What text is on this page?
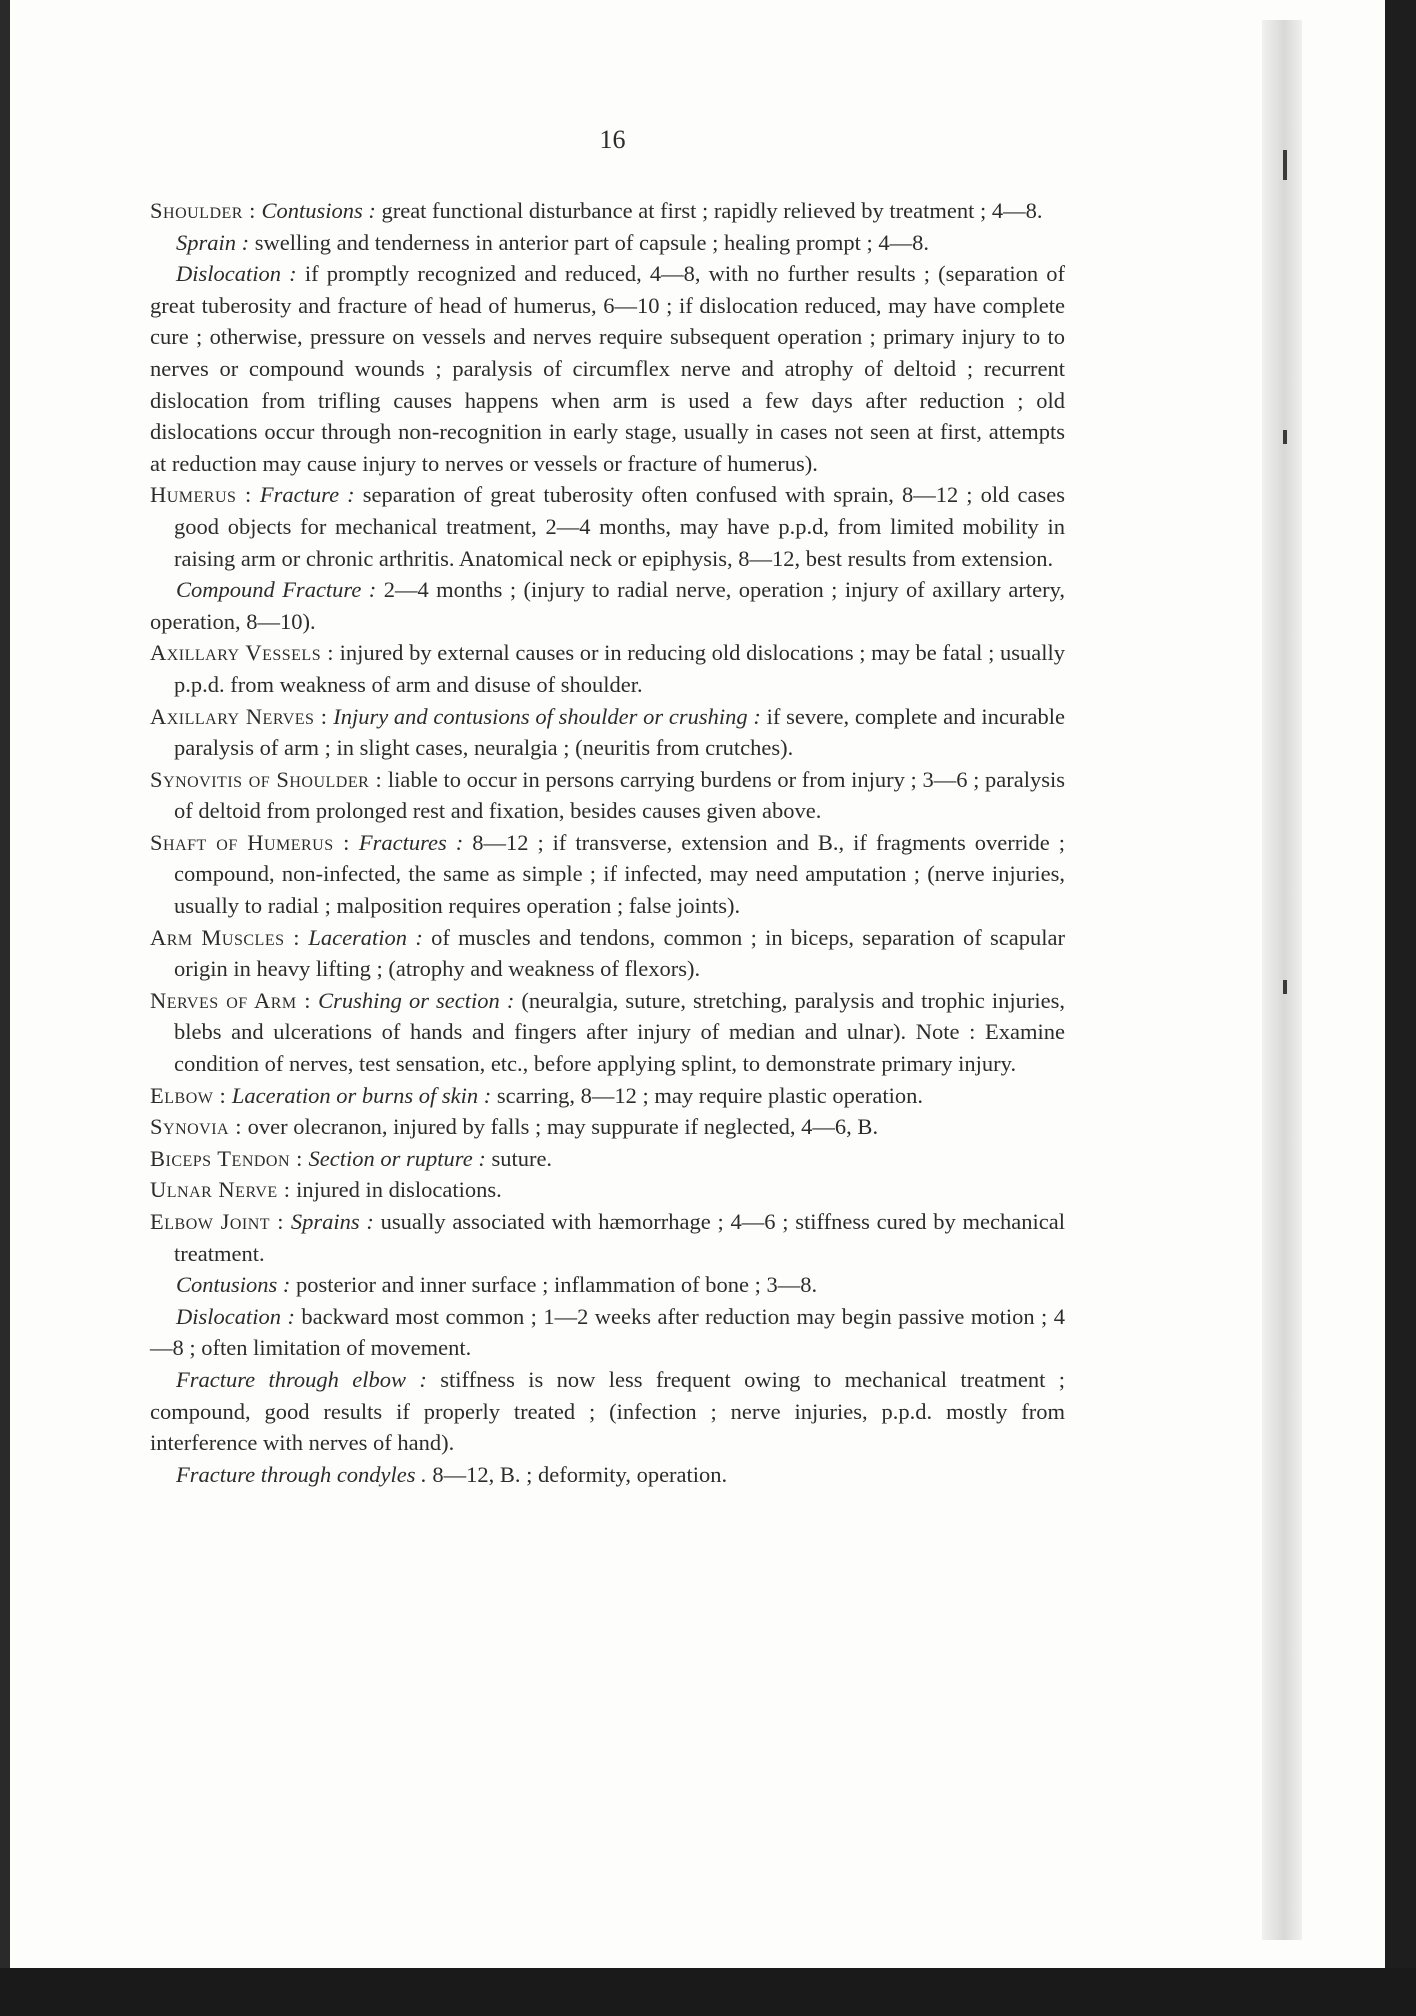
16

Shoulder : Contusions : great functional disturbance at first ; rapidly relieved by treatment ; 4—8.

Sprain : swelling and tenderness in anterior part of capsule ; healing prompt ; 4—8.

Dislocation : if promptly recognized and reduced, 4—8, with no further results ; (separation of great tuberosity and fracture of head of humerus, 6—10 ; if dislocation reduced, may have complete cure ; otherwise, pressure on vessels and nerves require subsequent operation ; primary injury to to nerves or compound wounds ; paralysis of circumflex nerve and atrophy of deltoid ; recurrent dislocation from trifling causes happens when arm is used a few days after reduction ; old dislocations occur through non-recognition in early stage, usually in cases not seen at first, attempts at reduction may cause injury to nerves or vessels or fracture of humerus).

Humerus : Fracture : separation of great tuberosity often confused with sprain, 8—12 ; old cases good objects for mechanical treatment, 2—4 months, may have p.p.d, from limited mobility in raising arm or chronic arthritis. Anatomical neck or epiphysis, 8—12, best results from extension.

Compound Fracture : 2—4 months ; (injury to radial nerve, operation ; injury of axillary artery, operation, 8—10).

Axillary Vessels : injured by external causes or in reducing old dislocations ; may be fatal ; usually p.p.d. from weakness of arm and disuse of shoulder.

Axillary Nerves : Injury and contusions of shoulder or crushing : if severe, complete and incurable paralysis of arm ; in slight cases, neuralgia ; (neuritis from crutches).

Synovitis of Shoulder : liable to occur in persons carrying burdens or from injury ; 3—6 ; paralysis of deltoid from prolonged rest and fixation, besides causes given above.

Shaft of Humerus : Fractures : 8—12 ; if transverse, extension and B., if fragments override ; compound, non-infected, the same as simple ; if infected, may need amputation ; (nerve injuries, usually to radial ; malposition requires operation ; false joints).

Arm Muscles : Laceration : of muscles and tendons, common ; in biceps, separation of scapular origin in heavy lifting ; (atrophy and weakness of flexors).

Nerves of Arm : Crushing or section : (neuralgia, suture, stretching, paralysis and trophic injuries, blebs and ulcerations of hands and fingers after injury of median and ulnar). Note : Examine condition of nerves, test sensation, etc., before applying splint, to demonstrate primary injury.

Elbow : Laceration or burns of skin : scarring, 8—12 ; may require plastic operation.

Synovia : over olecranon, injured by falls ; may suppurate if neglected, 4—6, B.

Biceps Tendon : Section or rupture : suture.

Ulnar Nerve : injured in dislocations.

Elbow Joint : Sprains : usually associated with hæmorrhage ; 4—6 ; stiffness cured by mechanical treatment.

Contusions : posterior and inner surface ; inflammation of bone ; 3—8.

Dislocation : backward most common ; 1—2 weeks after reduction may begin passive motion ; 4—8 ; often limitation of movement.

Fracture through elbow : stiffness is now less frequent owing to mechanical treatment ; compound, good results if properly treated ; (infection ; nerve injuries, p.p.d. mostly from interference with nerves of hand).

Fracture through condyles . 8—12, B. ; deformity, operation.
